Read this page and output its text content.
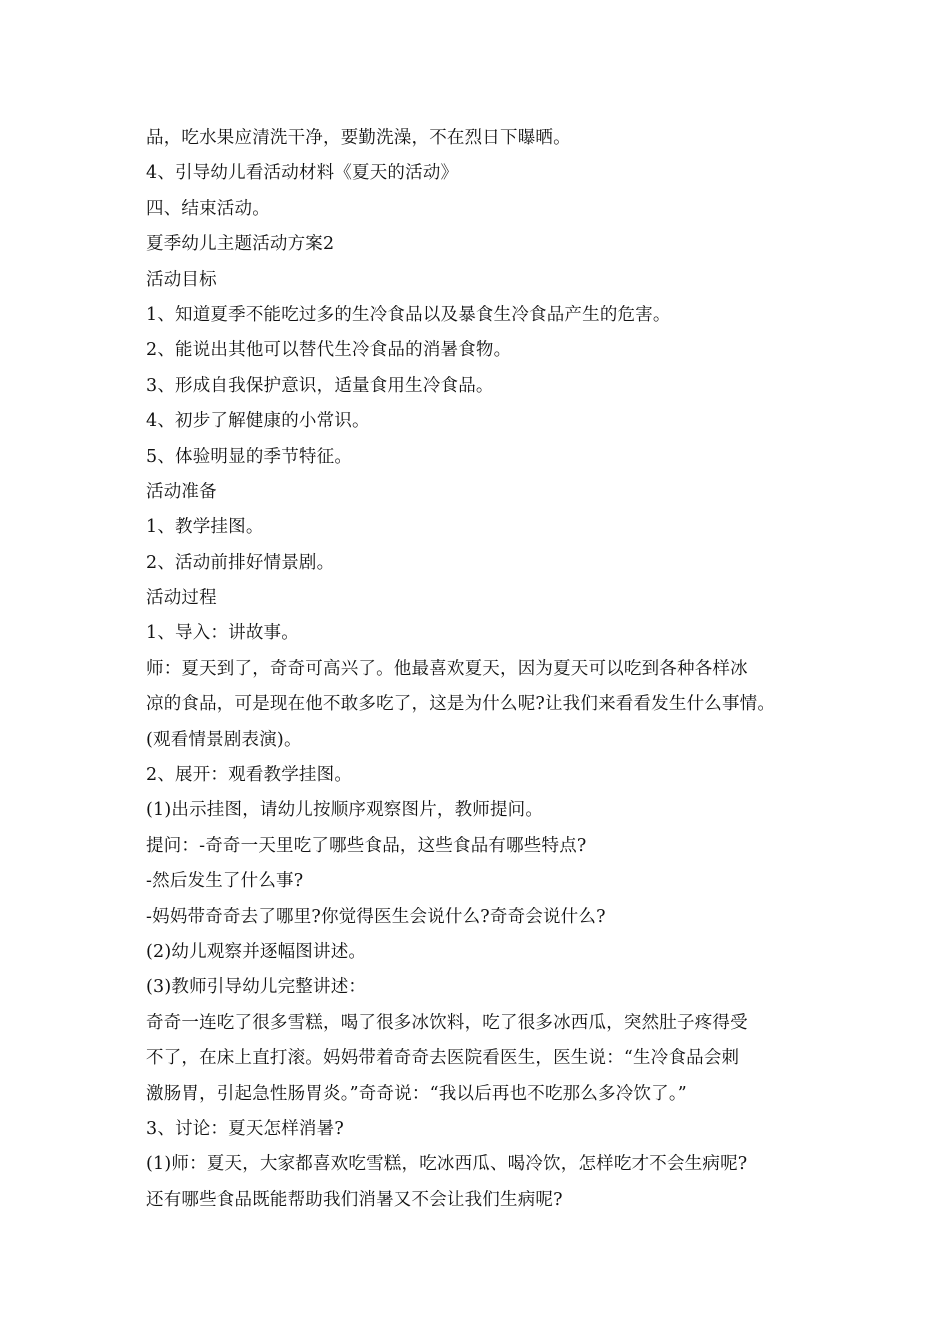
品，吃水果应清洗干净，要勤洗澡，不在烈日下曝晒。
4、引导幼儿看活动材料《夏天的活动》
四、结束活动。
夏季幼儿主题活动方案2
活动目标
1、知道夏季不能吃过多的生冷食品以及暴食生冷食品产生的危害。
2、能说出其他可以替代生冷食品的消暑食物。
3、形成自我保护意识，适量食用生冷食品。
4、初步了解健康的小常识。
5、体验明显的季节特征。
活动准备
1、教学挂图。
2、活动前排好情景剧。
活动过程
1、导入：讲故事。
师：夏天到了，奇奇可高兴了。他最喜欢夏天，因为夏天可以吃到各种各样冰
凉的食品，可是现在他不敢多吃了，这是为什么呢?让我们来看看发生什么事情。
(观看情景剧表演)。
2、展开：观看教学挂图。
(1)出示挂图，请幼儿按顺序观察图片，教师提问。
提问：-奇奇一天里吃了哪些食品，这些食品有哪些特点?
-然后发生了什么事?
-妈妈带奇奇去了哪里?你觉得医生会说什么?奇奇会说什么?
(2)幼儿观察并逐幅图讲述。
(3)教师引导幼儿完整讲述：
奇奇一连吃了很多雪糕，喝了很多冰饮料，吃了很多冰西瓜，突然肚子疼得受
不了，在床上直打滚。妈妈带着奇奇去医院看医生，医生说：“生冷食品会刺
激肠胃，引起急性肠胃炎。”奇奇说：“我以后再也不吃那么多冷饮了。”
3、讨论：夏天怎样消暑?
(1)师：夏天，大家都喜欢吃雪糕，吃冰西瓜、喝冷饮，怎样吃才不会生病呢?
还有哪些食品既能帮助我们消暑又不会让我们生病呢?
